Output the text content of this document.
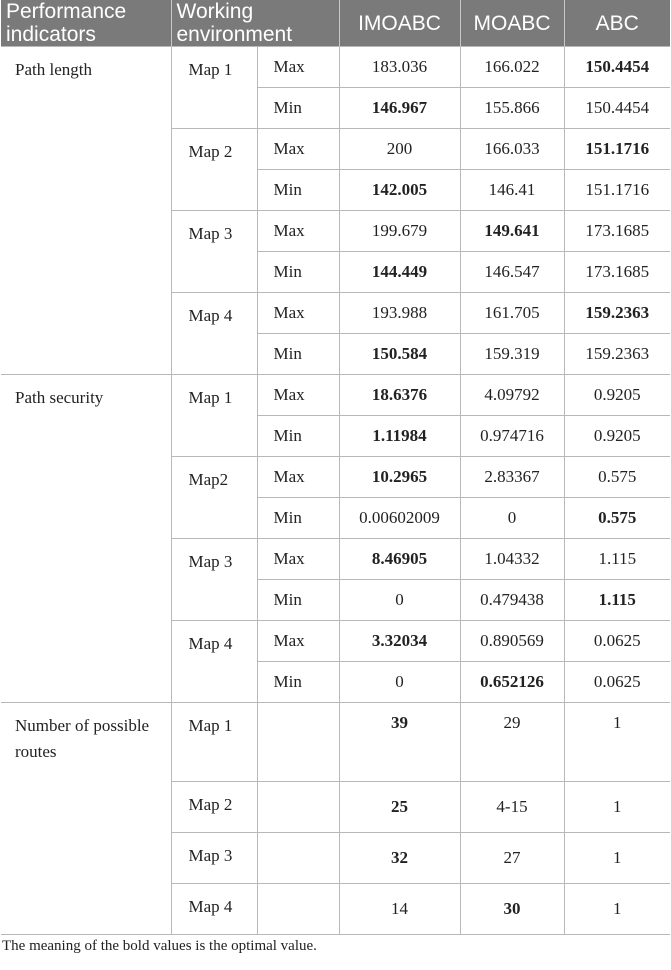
Performance indicators	Working environment		IMOABC	MOABC	ABC
Path length	Map 1	Max	183.036	166.022	150.4454
		Min	146.967	155.866	150.4454
	Map 2	Max	200	166.033	151.1716
		Min	142.005	146.41	151.1716
	Map 3	Max	199.679	149.641	173.1685
		Min	144.449	146.547	173.1685
	Map 4	Max	193.988	161.705	159.2363
		Min	150.584	159.319	159.2363
Path security	Map 1	Max	18.6376	4.09792	0.9205
		Min	1.11984	0.974716	0.9205
	Map2	Max	10.2965	2.83367	0.575
		Min	0.00602009	0	0.575
	Map 3	Max	8.46905	1.04332	1.115
		Min	0	0.479438	1.115
	Map 4	Max	3.32034	0.890569	0.0625
		Min	0	0.652126	0.0625
Number of possible routes	Map 1		39	29	1
	Map 2		25	4-15	1
	Map 3		32	27	1
	Map 4		14	30	1

The meaning of the bold values is the optimal value.
